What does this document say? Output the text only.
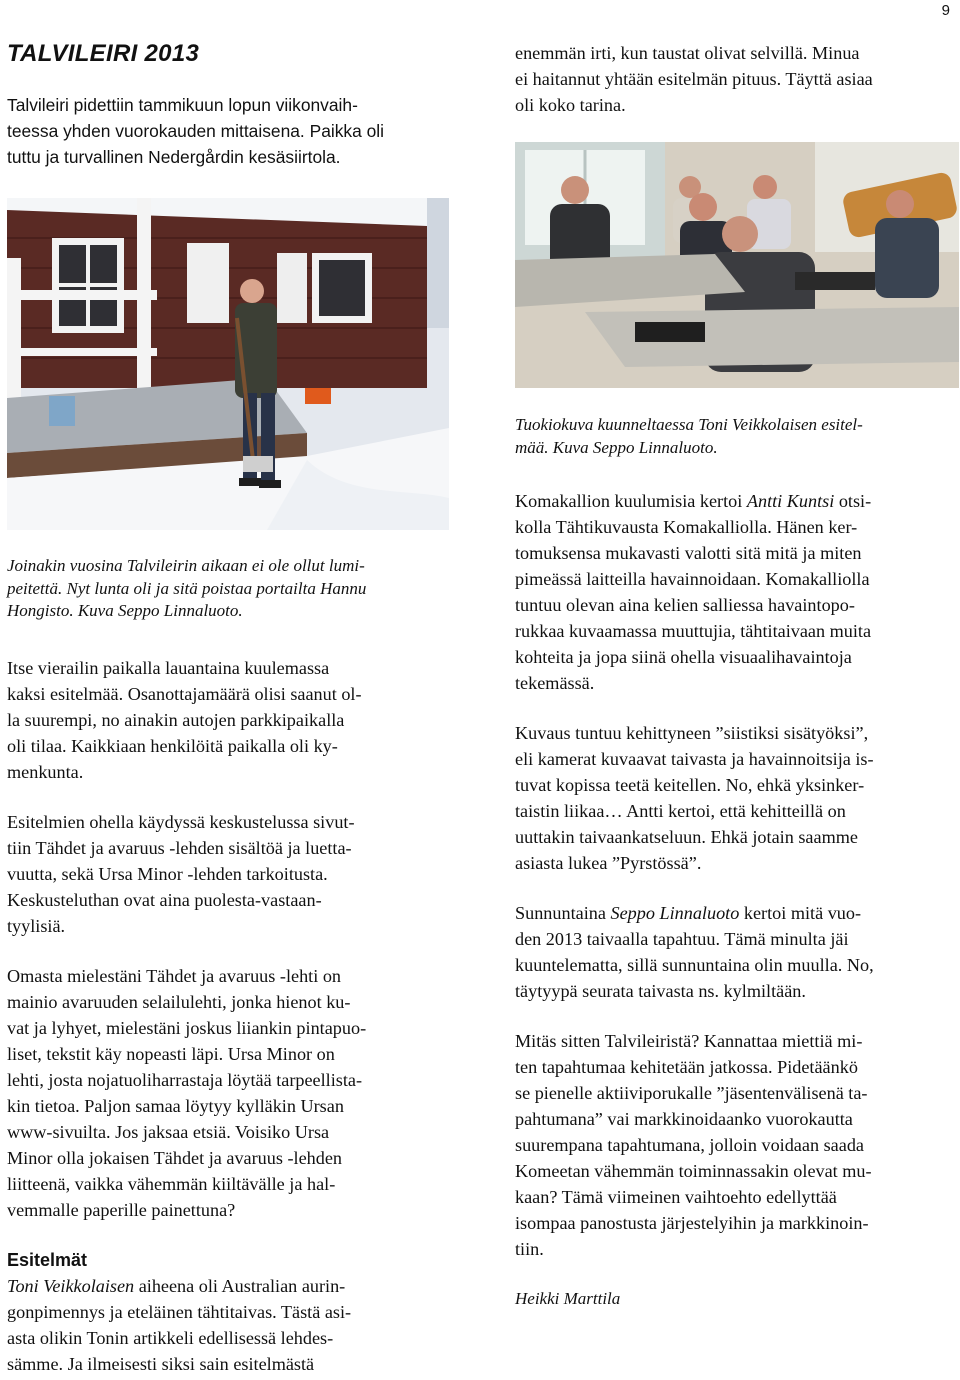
9
TALVILEIRI 2013
Talvileiri pidettiin tammikuun lopun viikonvaih-
teessa yhden vuorokauden mittaisena. Paikka oli
tuttu ja turvallinen Nedergårdin kesäsiirtola.
enemmän irti, kun taustat olivat selvillä. Minua
ei haitannut yhtään esitelmän pituus. Täyttä asiaa
oli koko tarina.
Tuokiokuva kuunneltaessa Toni Veikkolaisen esitel-
mää. Kuva Seppo Linnaluoto.
Joinakin vuosina Talvileirin aikaan ei ole ollut lumi-
peitettä. Nyt lunta oli ja sitä poistaa portailta Hannu
Hongisto. Kuva Seppo Linnaluoto.

Itse vierailin paikalla lauantaina kuulemassa
kaksi esitelmää. Osanottajamäärä olisi saanut ol-
la suurempi, no ainakin autojen parkkipaikalla
oli tilaa. Kaikkiaan henkilöitä paikalla oli ky-
menkunta.

Esitelmien ohella käydyssä keskustelussa sivut-
tiin Tähdet ja avaruus -lehden sisältöä ja luetta-
vuutta, sekä Ursa Minor -lehden tarkoitusta.
Keskusteluthan ovat aina puolesta-vastaan-
tyylisiä.

Omasta mielestäni Tähdet ja avaruus -lehti on
mainio avaruuden selailulehti, jonka hienot ku-
vat ja lyhyet, mielestäni joskus liiankin pintapuo-
liset, tekstit käy nopeasti läpi. Ursa Minor on
lehti, josta nojatuoliharrastaja löytää tarpeellista-
kin tietoa. Paljon samaa löytyy kylläkin Ursan
www-sivuilta. Jos jaksaa etsiä. Voisiko Ursa
Minor olla jokaisen Tähdet ja avaruus -lehden
liitteenä, vaikka vähemmän kiiltävälle ja hal-
vemmalle paperille painettuna?

Esitelmät
Toni Veikkolaisen aiheena oli Australian aurin-
gonpimennys ja eteläinen tähtitaivas. Tästä asi-
asta olikin Tonin artikkeli edellisessä lehdes-
sämme. Ja ilmeisesti siksi sain esitelmästä

Komakallion kuulumisia kertoi Antti Kuntsi otsi-
kolla Tähtikuvausta Komakalliolla. Hänen ker-
tomuksensa mukavasti valotti sitä mitä ja miten
pimeässä laitteilla havainnoidaan. Komakalliolla
tuntuu olevan aina kelien salliessa havaintopo-
rukkaa kuvaamassa muuttujia, tähtitaivaan muita
kohteita ja jopa siinä ohella visuaalihavaintoja
tekemässä.

Kuvaus tuntuu kehittyneen ”siistiksi sisätyöksi”,
eli kamerat kuvaavat taivasta ja havainnoitsija is-
tuvat kopissa teetä keitellen. No, ehkä yksinker-
taistin liikaa… Antti kertoi, että kehitteillä on
uuttakin taivaankatseluun. Ehkä jotain saamme
asiasta lukea ”Pyrstössä”.

Sunnuntaina Seppo Linnaluoto kertoi mitä vuo-
den 2013 taivaalla tapahtuu. Tämä minulta jäi
kuuntelematta, sillä sunnuntaina olin muulla. No,
täytyypä seurata taivasta ns. kylmiltään.

Mitäs sitten Talvileiristä? Kannattaa miettiä mi-
ten tapahtumaa kehitetään jatkossa. Pidetäänkö
se pienelle aktiiviporukalle ”jäsentenvälisenä ta-
pahtumana” vai markkinoidaanko vuorokautta
suurempana tapahtumana, jolloin voidaan saada
Komeetan vähemmän toiminnassakin olevat mu-
kaan? Tämä viimeinen vaihtoehto edellyttää
isompaa panostusta järjestelyihin ja markkinoin-
tiin.

Heikki Marttila
